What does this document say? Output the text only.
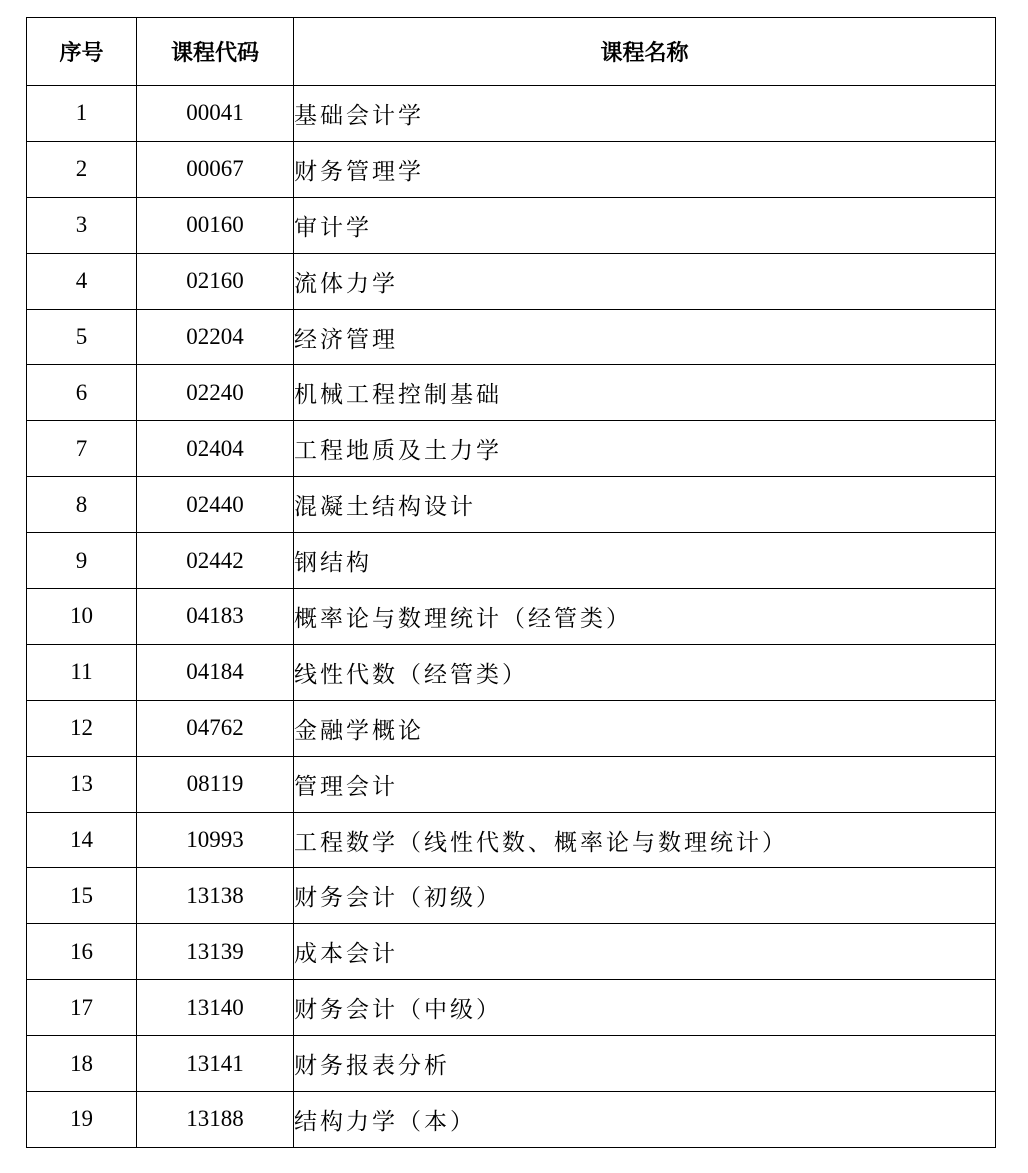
序号	课程代码	课程名称
1	00041	基础会计学
2	00067	财务管理学
3	00160	审计学
4	02160	流体力学
5	02204	经济管理
6	02240	机械工程控制基础
7	02404	工程地质及土力学
8	02440	混凝土结构设计
9	02442	钢结构
10	04183	概率论与数理统计（经管类）
11	04184	线性代数（经管类）
12	04762	金融学概论
13	08119	管理会计
14	10993	工程数学（线性代数、概率论与数理统计）
15	13138	财务会计（初级）
16	13139	成本会计
17	13140	财务会计（中级）
18	13141	财务报表分析
19	13188	结构力学（本）
